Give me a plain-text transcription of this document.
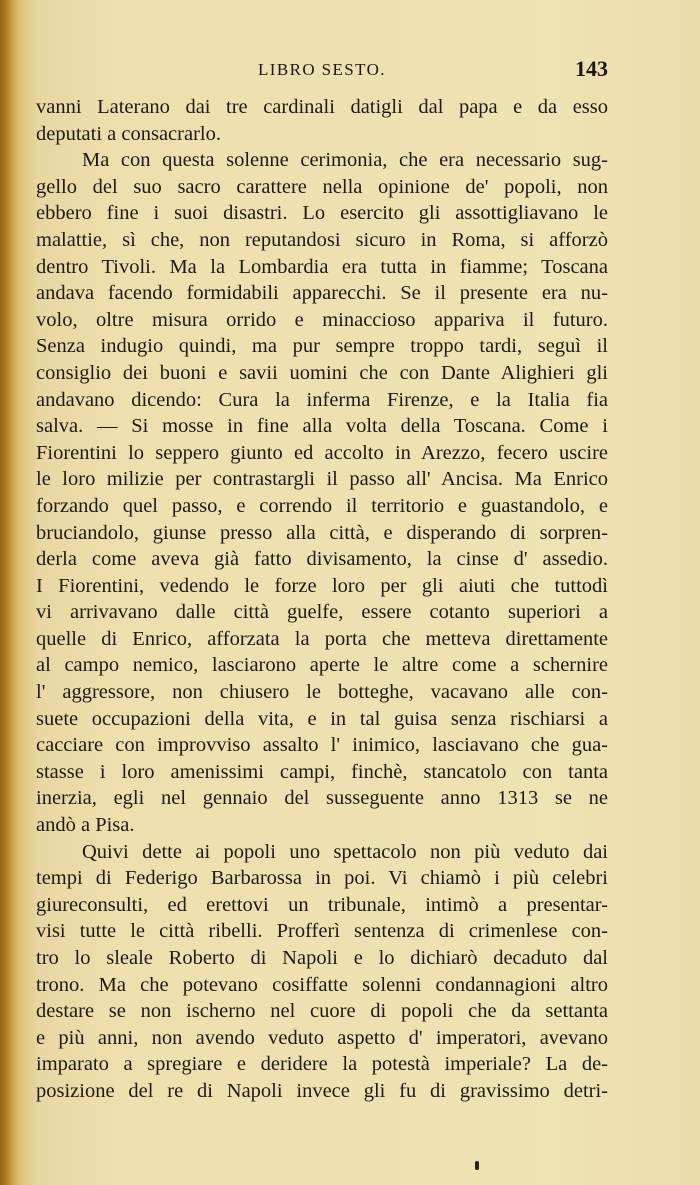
LIBRO SESTO.	143
vanni Laterano dai tre cardinali datigli dal papa e da esso
deputati a consacrarlo.
Ma con questa solenne cerimonia, che era necessario sug-
gello del suo sacro carattere nella opinione de' popoli, non
ebbero fine i suoi disastri. Lo esercito gli assottigliavano le
malattie, sì che, non reputandosi sicuro in Roma, si afforzò
dentro Tivoli. Ma la Lombardia era tutta in fiamme; Toscana
andava facendo formidabili apparecchi. Se il presente era nu-
volo, oltre misura orrido e minaccioso appariva il futuro.
Senza indugio quindi, ma pur sempre troppo tardi, seguì il
consiglio dei buoni e savii uomini che con Dante Alighieri gli
andavano dicendo: Cura la inferma Firenze, e la Italia fia
salva. — Si mosse in fine alla volta della Toscana. Come i
Fiorentini lo seppero giunto ed accolto in Arezzo, fecero uscire
le loro milizie per contrastargli il passo all' Ancisa. Ma Enrico
forzando quel passo, e correndo il territorio e guastandolo, e
bruciandolo, giunse presso alla città, e disperando di sorpren-
derla come aveva già fatto divisamento, la cinse d' assedio.
I Fiorentini, vedendo le forze loro per gli aiuti che tuttodì
vi arrivavano dalle città guelfe, essere cotanto superiori a
quelle di Enrico, afforzata la porta che metteva direttamente
al campo nemico, lasciarono aperte le altre come a schernire
l' aggressore, non chiusero le botteghe, vacavano alle con-
suete occupazioni della vita, e in tal guisa senza rischiarsi a
cacciare con improvviso assalto l' inimico, lasciavano che gua-
stasse i loro amenissimi campi, finchè, stancatolo con tanta
inerzia, egli nel gennaio del susseguente anno 1313 se ne
andò a Pisa.
Quivi dette ai popoli uno spettacolo non più veduto dai
tempi di Federigo Barbarossa in poi. Vi chiamò i più celebri
giureconsulti, ed erettovi un tribunale, intimò a presentar-
visi tutte le città ribelli. Profferì sentenza di crimenlese con-
tro lo sleale Roberto di Napoli e lo dichiarò decaduto dal
trono. Ma che potevano cosiffatte solenni condannagioni altro
destare se non ischerno nel cuore di popoli che da settanta
e più anni, non avendo veduto aspetto d' imperatori, avevano
imparato a spregiare e deridere la potestà imperiale? La de-
posizione del re di Napoli invece gli fu di gravissimo detri-
